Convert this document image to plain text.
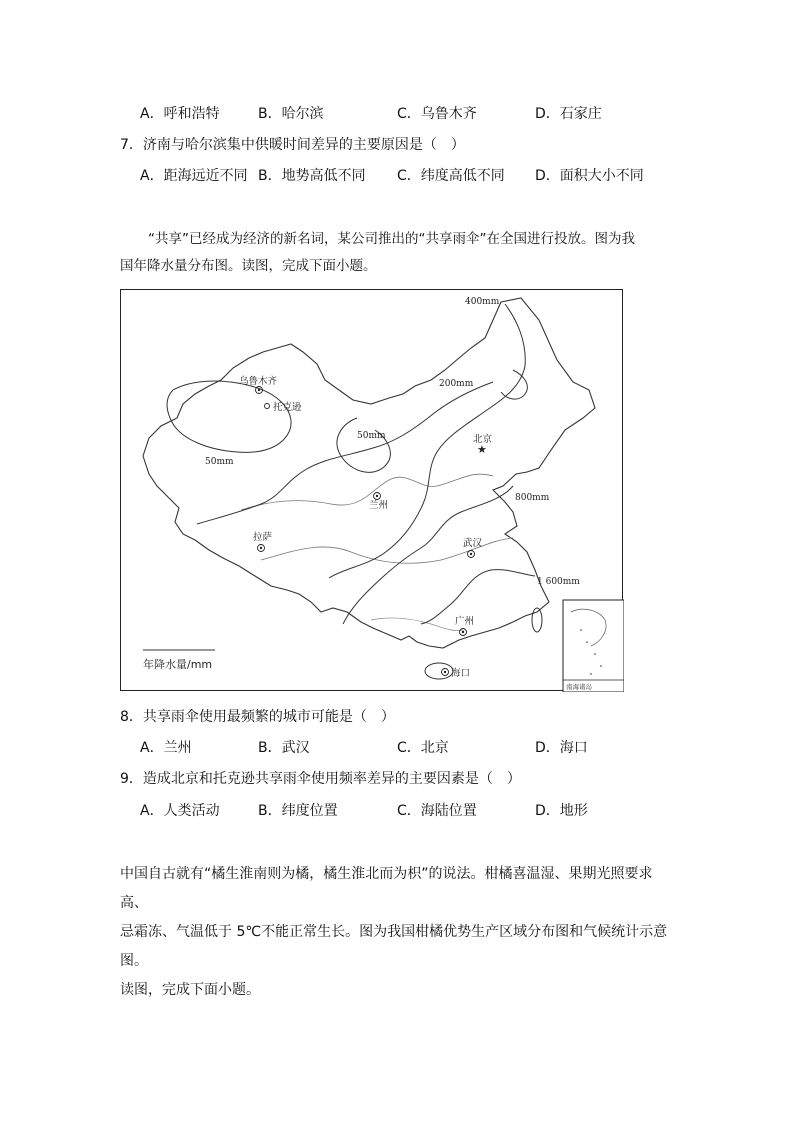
A．呼和浩特	B．哈尔滨	C．乌鲁木齐	D．石家庄
7．济南与哈尔滨集中供暖时间差异的主要原因是（　）
A．距海远近不同 B．地势高低不同 C．纬度高低不同 D．面积大小不同
“共享”已经成为经济的新名词，某公司推出的“共享雨伞”在全国进行投放。图为我
国年降水量分布图。读图，完成下面小题。
400mm
200mm
50mm
50mm
800mm
1 600mm
乌鲁木齐
托克逊
★
北京
兰州
拉萨
武汉
广州
海口
年降水量/mm
南海诸岛
8．共享雨伞使用最频繁的城市可能是（　）
A．兰州	B．武汉	C．北京	D．海口
9．造成北京和托克逊共享雨伞使用频率差异的主要因素是（　）
A．人类活动	B．纬度位置	C．海陆位置	D．地形
中国自古就有“橘生淮南则为橘，橘生淮北而为枳”的说法。柑橘喜温湿、果期光照要求高、
忌霜冻、气温低于 5℃不能正常生长。图为我国柑橘优势生产区域分布图和气候统计示意图。
读图，完成下面小题。
